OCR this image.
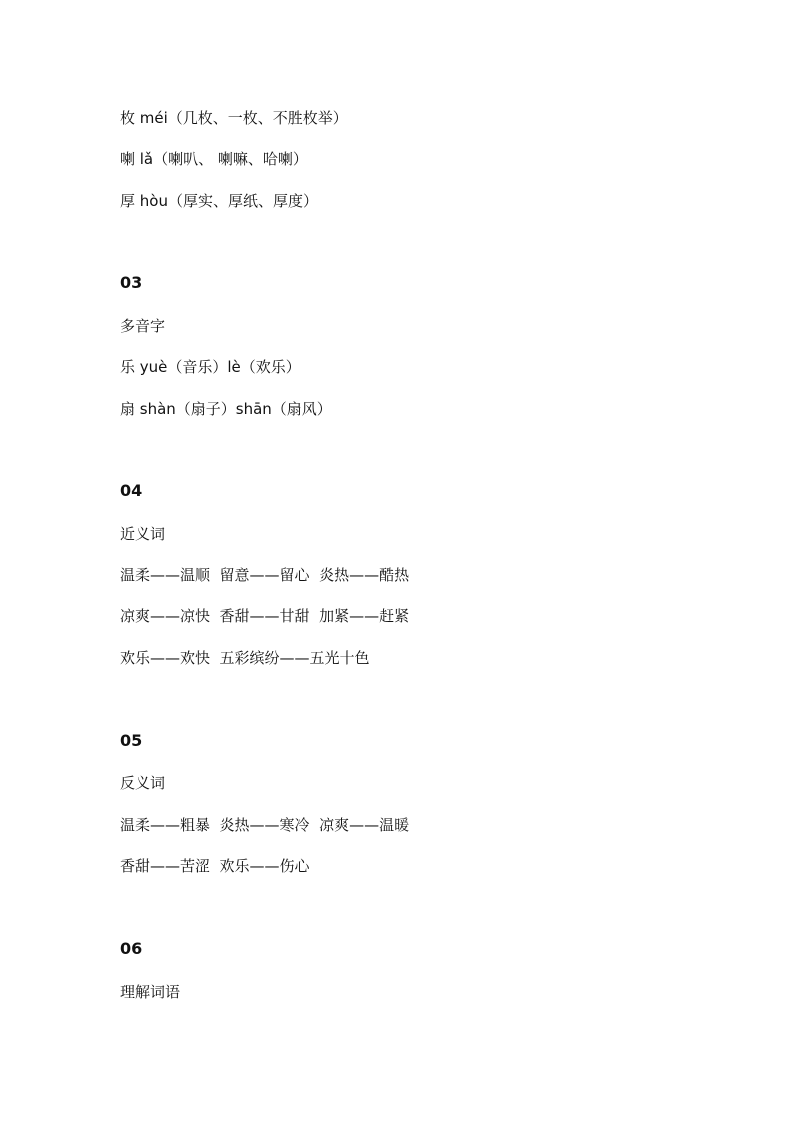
枚 méi（几枚、一枚、不胜枚举）
喇 lǎ（喇叭、 喇嘛、哈喇）
厚 hòu（厚实、厚纸、厚度）
03
多音字
乐 yuè（音乐）lè（欢乐）
扇 shàn（扇子）shān（扇风）
04
近义词
温柔——温顺  留意——留心  炎热——酷热
凉爽——凉快  香甜——甘甜  加紧——赶紧
欢乐——欢快  五彩缤纷——五光十色
05
反义词
温柔——粗暴  炎热——寒冷  凉爽——温暖
香甜——苦涩  欢乐——伤心
06
理解词语
